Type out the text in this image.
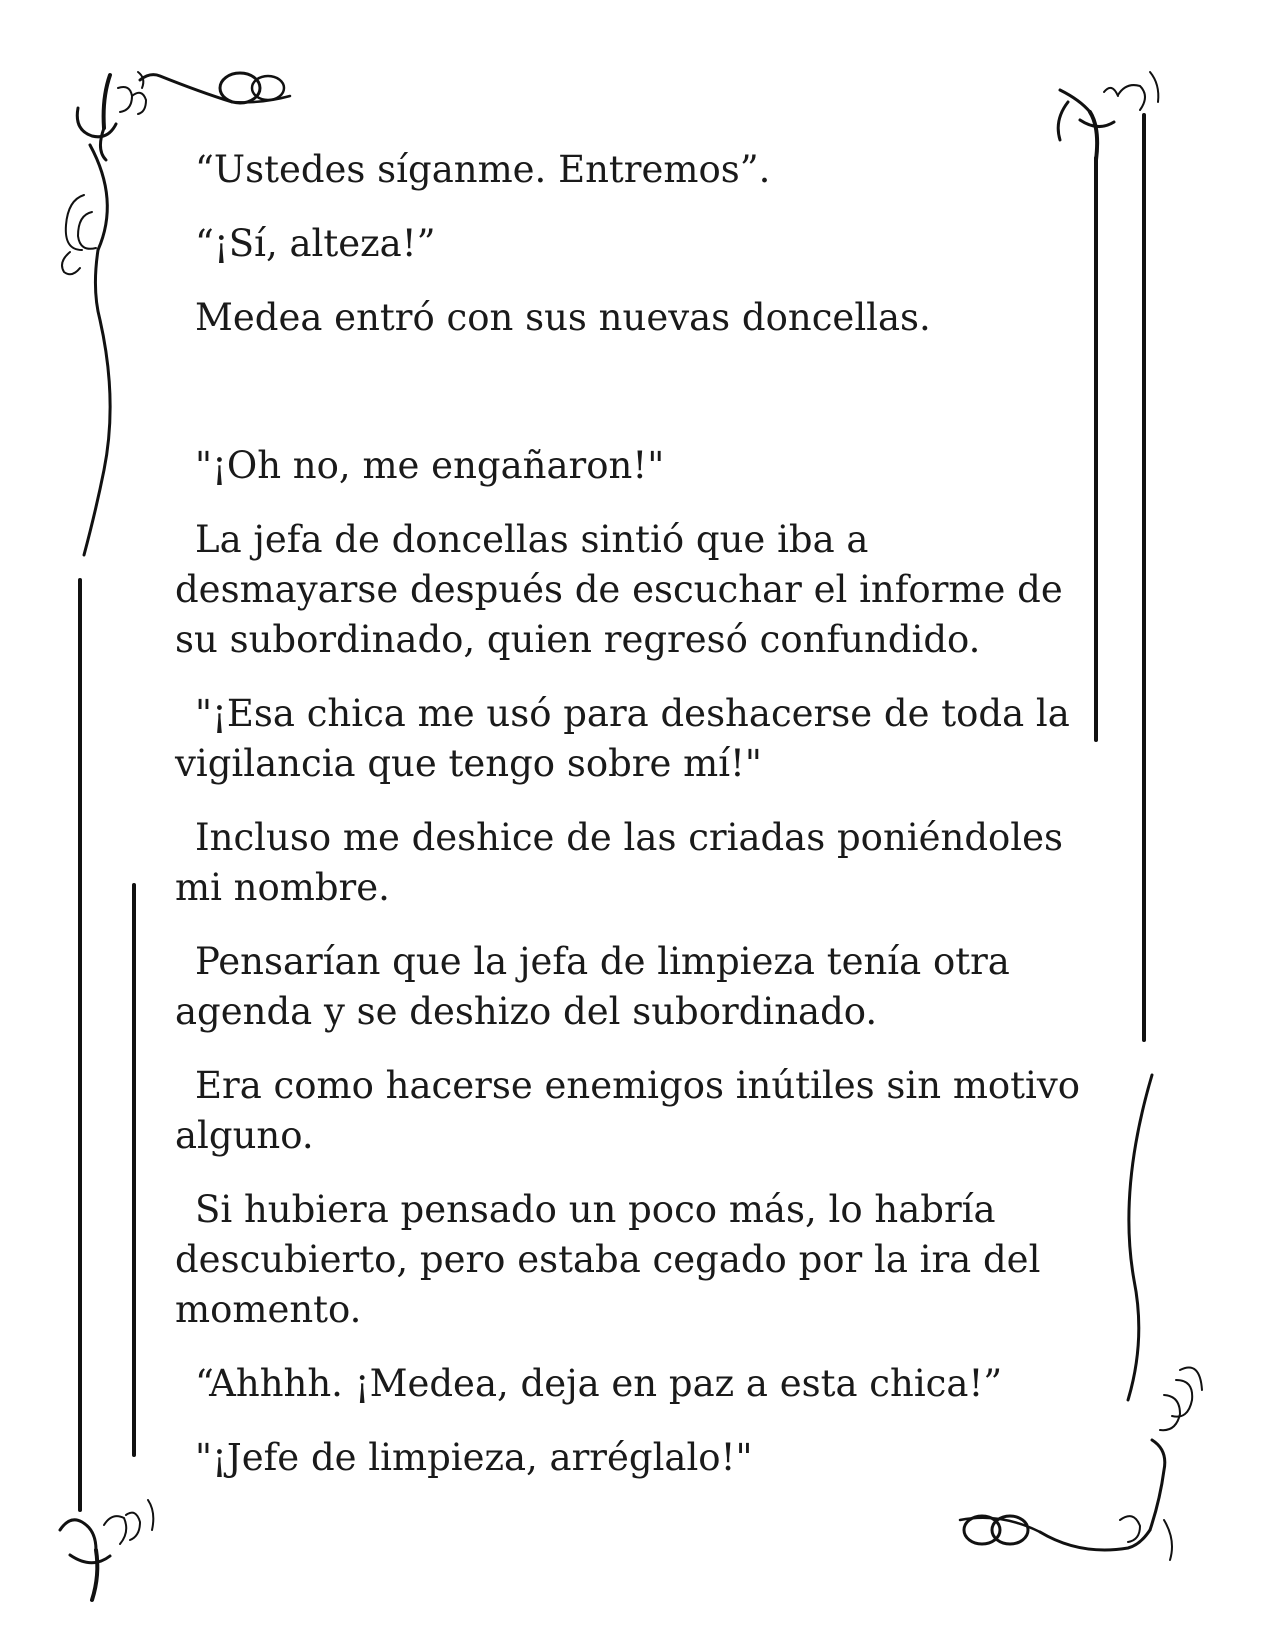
“Ustedes síganme. Entremos”.

“¡Sí, alteza!”

Medea entró con sus nuevas doncellas.

"¡Oh no, me engañaron!"

La jefa de doncellas sintió que iba a desmayarse después de escuchar el informe de su subordinado, quien regresó confundido.

"¡Esa chica me usó para deshacerse de toda la vigilancia que tengo sobre mí!"

Incluso me deshice de las criadas poniéndoles mi nombre.

Pensarían que la jefa de limpieza tenía otra agenda y se deshizo del subordinado.

Era como hacerse enemigos inútiles sin motivo alguno.

Si hubiera pensado un poco más, lo habría descubierto, pero estaba cegado por la ira del momento.

“Ahhhh. ¡Medea, deja en paz a esta chica!”

"¡Jefe de limpieza, arréglalo!"
